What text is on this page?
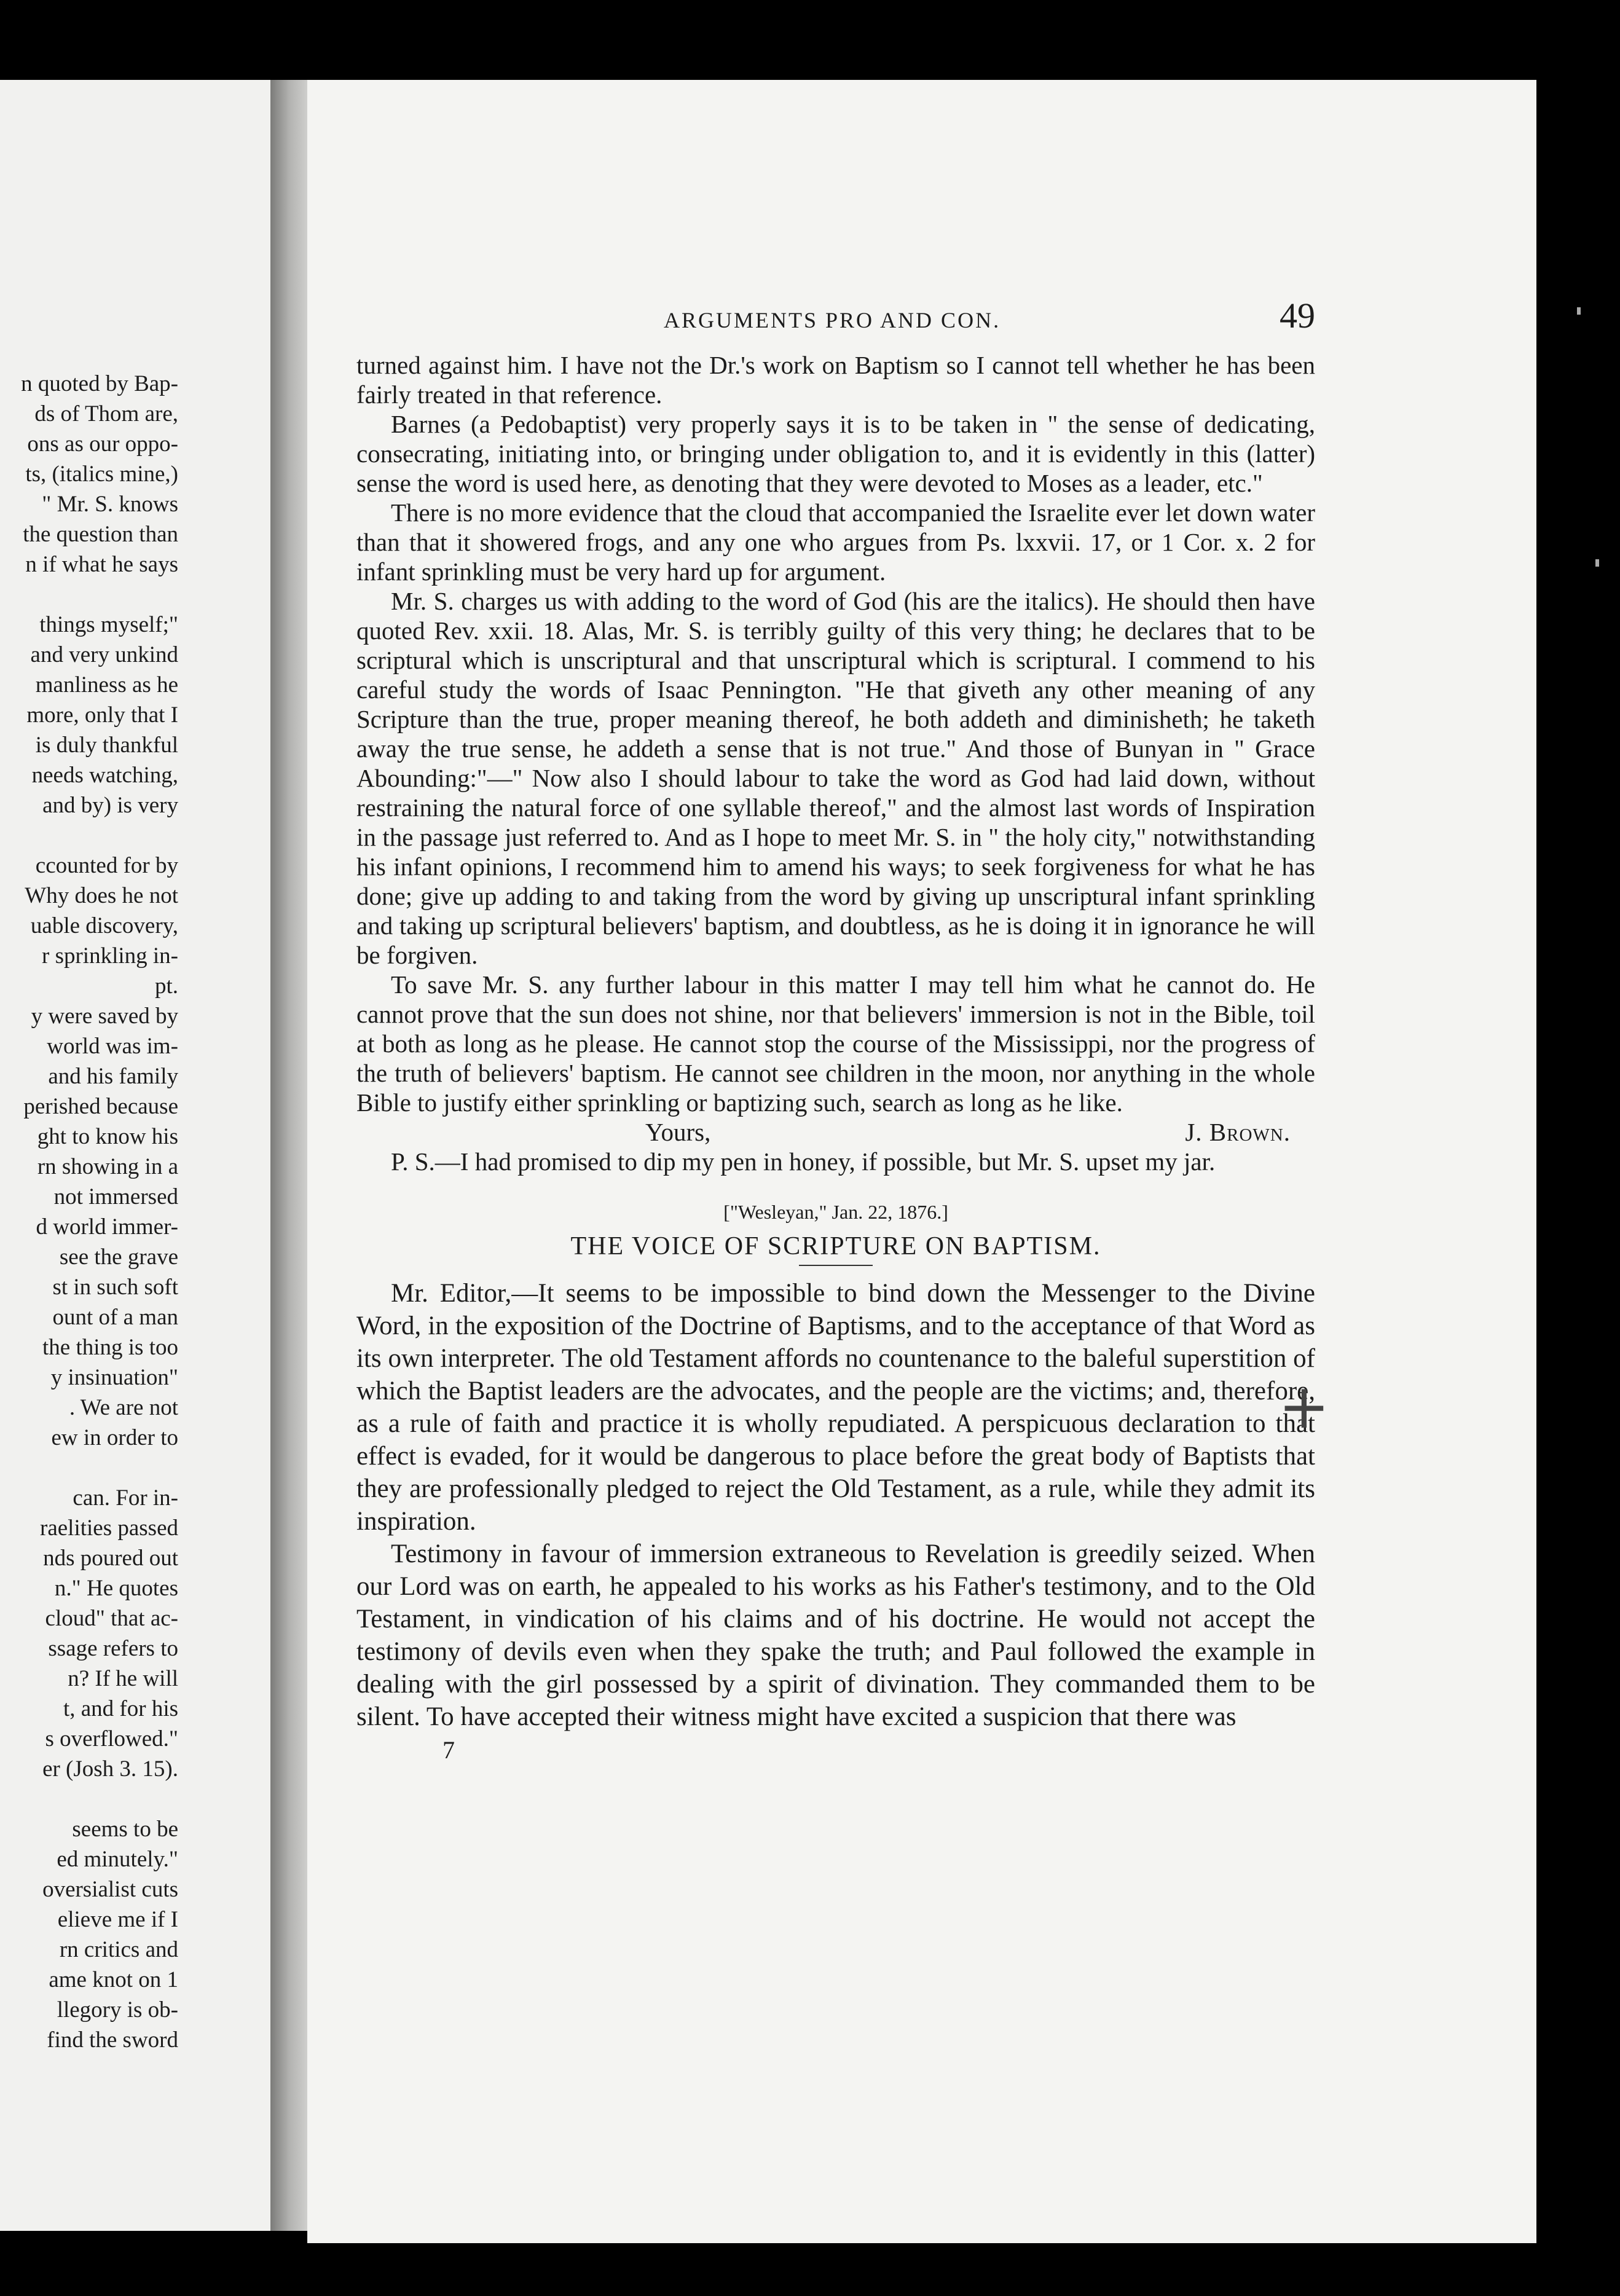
n quoted by Bap-
ds of Thom are,
ons as our oppo-
ts, (italics mine,)
" Mr. S. knows
the question than
n if what he says
things myself;"
and very unkind
manliness as he
more, only that I
is duly thankful
needs watching,
and by) is very
ccounted for by
Why does he not
uable discovery,
r sprinkling in-
pt.
y were saved by
world was im-
and his family
perished because
ght to know his
rn showing in a
not immersed
d world immer-
see the grave
st in such soft
ount of a man
the thing is too
y insinuation"
. We are not
ew in order to
can. For in-
raelities passed
nds poured out
n." He quotes
cloud" that ac-
ssage refers to
n? If he will
t, and for his
s overflowed."
er (Josh 3. 15).
seems to be
ed minutely."
oversialist cuts
elieve me if I
rn critics and
ame knot on 1
llegory is ob-
find the sword
ARGUMENTS PRO AND CON.	49

turned against him. I have not the Dr.'s work on Baptism so I cannot tell whether he has been fairly treated in that reference.

Barnes (a Pedobaptist) very properly says it is to be taken in " the sense of dedicating, consecrating, initiating into, or bringing under obligation to, and it is evidently in this (latter) sense the word is used here, as denoting that they were devoted to Moses as a leader, etc."

There is no more evidence that the cloud that accompanied the Israelite ever let down water than that it showered frogs, and any one who argues from Ps. lxxvii. 17, or 1 Cor. x. 2 for infant sprinkling must be very hard up for argument.

Mr. S. charges us with adding to the word of God (his are the italics). He should then have quoted Rev. xxii. 18. Alas, Mr. S. is terribly guilty of this very thing; he declares that to be scriptural which is unscriptural and that unscriptural which is scriptural. I commend to his careful study the words of Isaac Pennington. "He that giveth any other meaning of any Scripture than the true, proper meaning thereof, he both addeth and diminisheth; he taketh away the true sense, he addeth a sense that is not true." And those of Bunyan in " Grace Abounding:"—" Now also I should labour to take the word as God had laid down, without restraining the natural force of one syllable thereof," and the almost last words of Inspiration in the passage just referred to. And as I hope to meet Mr. S. in " the holy city," notwithstanding his infant opinions, I recommend him to amend his ways; to seek forgiveness for what he has done; give up adding to and taking from the word by giving up unscriptural infant sprinkling and taking up scriptural believers' baptism, and doubtless, as he is doing it in ignorance he will be forgiven.

To save Mr. S. any further labour in this matter I may tell him what he cannot do. He cannot prove that the sun does not shine, nor that believers' immersion is not in the Bible, toil at both as long as he please. He cannot stop the course of the Mississippi, nor the progress of the truth of believers' baptism. He cannot see children in the moon, nor anything in the whole Bible to justify either sprinkling or baptizing such, search as long as he like.

Yours,	J. Brown.

P. S.—I had promised to dip my pen in honey, if possible, but Mr. S. upset my jar.

["Wesleyan," Jan. 22, 1876.]
THE VOICE OF SCRIPTURE ON BAPTISM.

Mr. Editor,—It seems to be impossible to bind down the Messenger to the Divine Word, in the exposition of the Doctrine of Baptisms, and to the acceptance of that Word as its own interpreter. The old Testament affords no countenance to the baleful superstition of which the Baptist leaders are the advocates, and the people are the victims; and, therefore, as a rule of faith and practice it is wholly repudiated. A perspicuous declaration to that effect is evaded, for it would be dangerous to place before the great body of Baptists that they are professionally pledged to reject the Old Testament, as a rule, while they admit its inspiration.

Testimony in favour of immersion extraneous to Revelation is greedily seized. When our Lord was on earth, he appealed to his works as his Father's testimony, and to the Old Testament, in vindication of his claims and of his doctrine. He would not accept the testimony of devils even when they spake the truth; and Paul followed the example in dealing with the girl possessed by a spirit of divination. They commanded them to be silent. To have accepted their witness might have excited a suspicion that there was

7
+
